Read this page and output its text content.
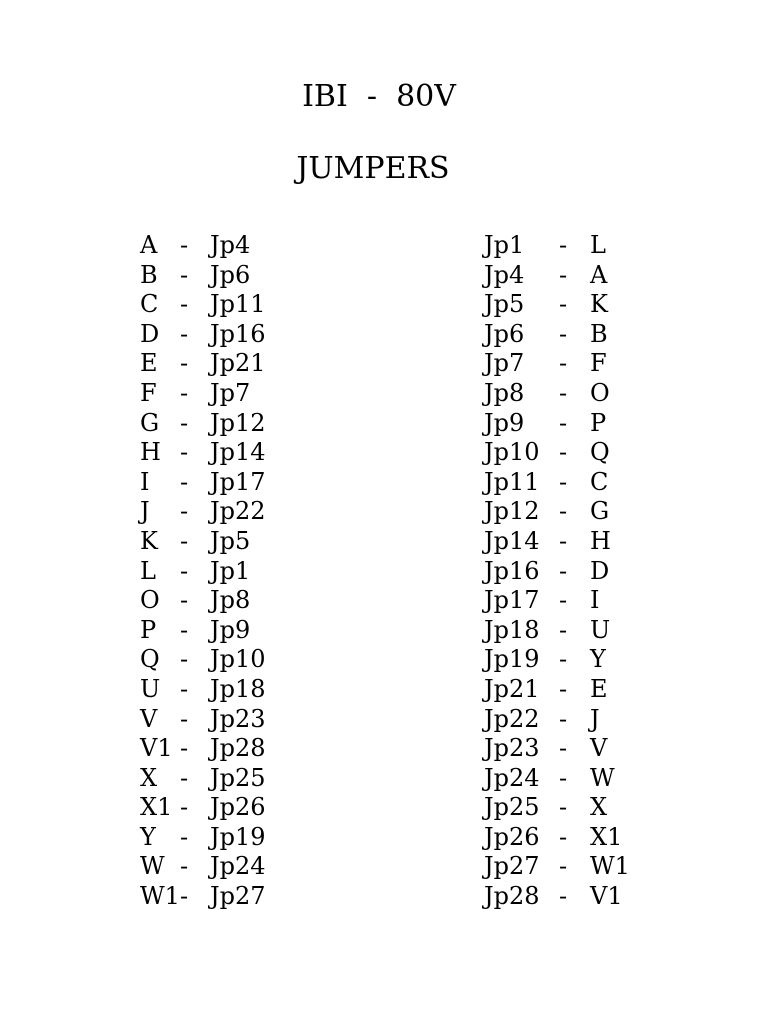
IBI  -  80V
JUMPERS
A - Jp4
B - Jp6
C - Jp11
D - Jp16
E - Jp21
F - Jp7
G - Jp12
H - Jp14
I - Jp17
J - Jp22
K - Jp5
L - Jp1
O - Jp8
P - Jp9
Q - Jp10
U - Jp18
V - Jp23
V1 - Jp28
X - Jp25
X1 - Jp26
Y - Jp19
W - Jp24
W1 - Jp27
Jp1 - L
Jp4 - A
Jp5 - K
Jp6 - B
Jp7 - F
Jp8 - O
Jp9 - P
Jp10 - Q
Jp11 - C
Jp12 - G
Jp14 - H
Jp16 - D
Jp17 - I
Jp18 - U
Jp19 - Y
Jp21 - E
Jp22 - J
Jp23 - V
Jp24 - W
Jp25 - X
Jp26 - X1
Jp27 - W1
Jp28 - V1
